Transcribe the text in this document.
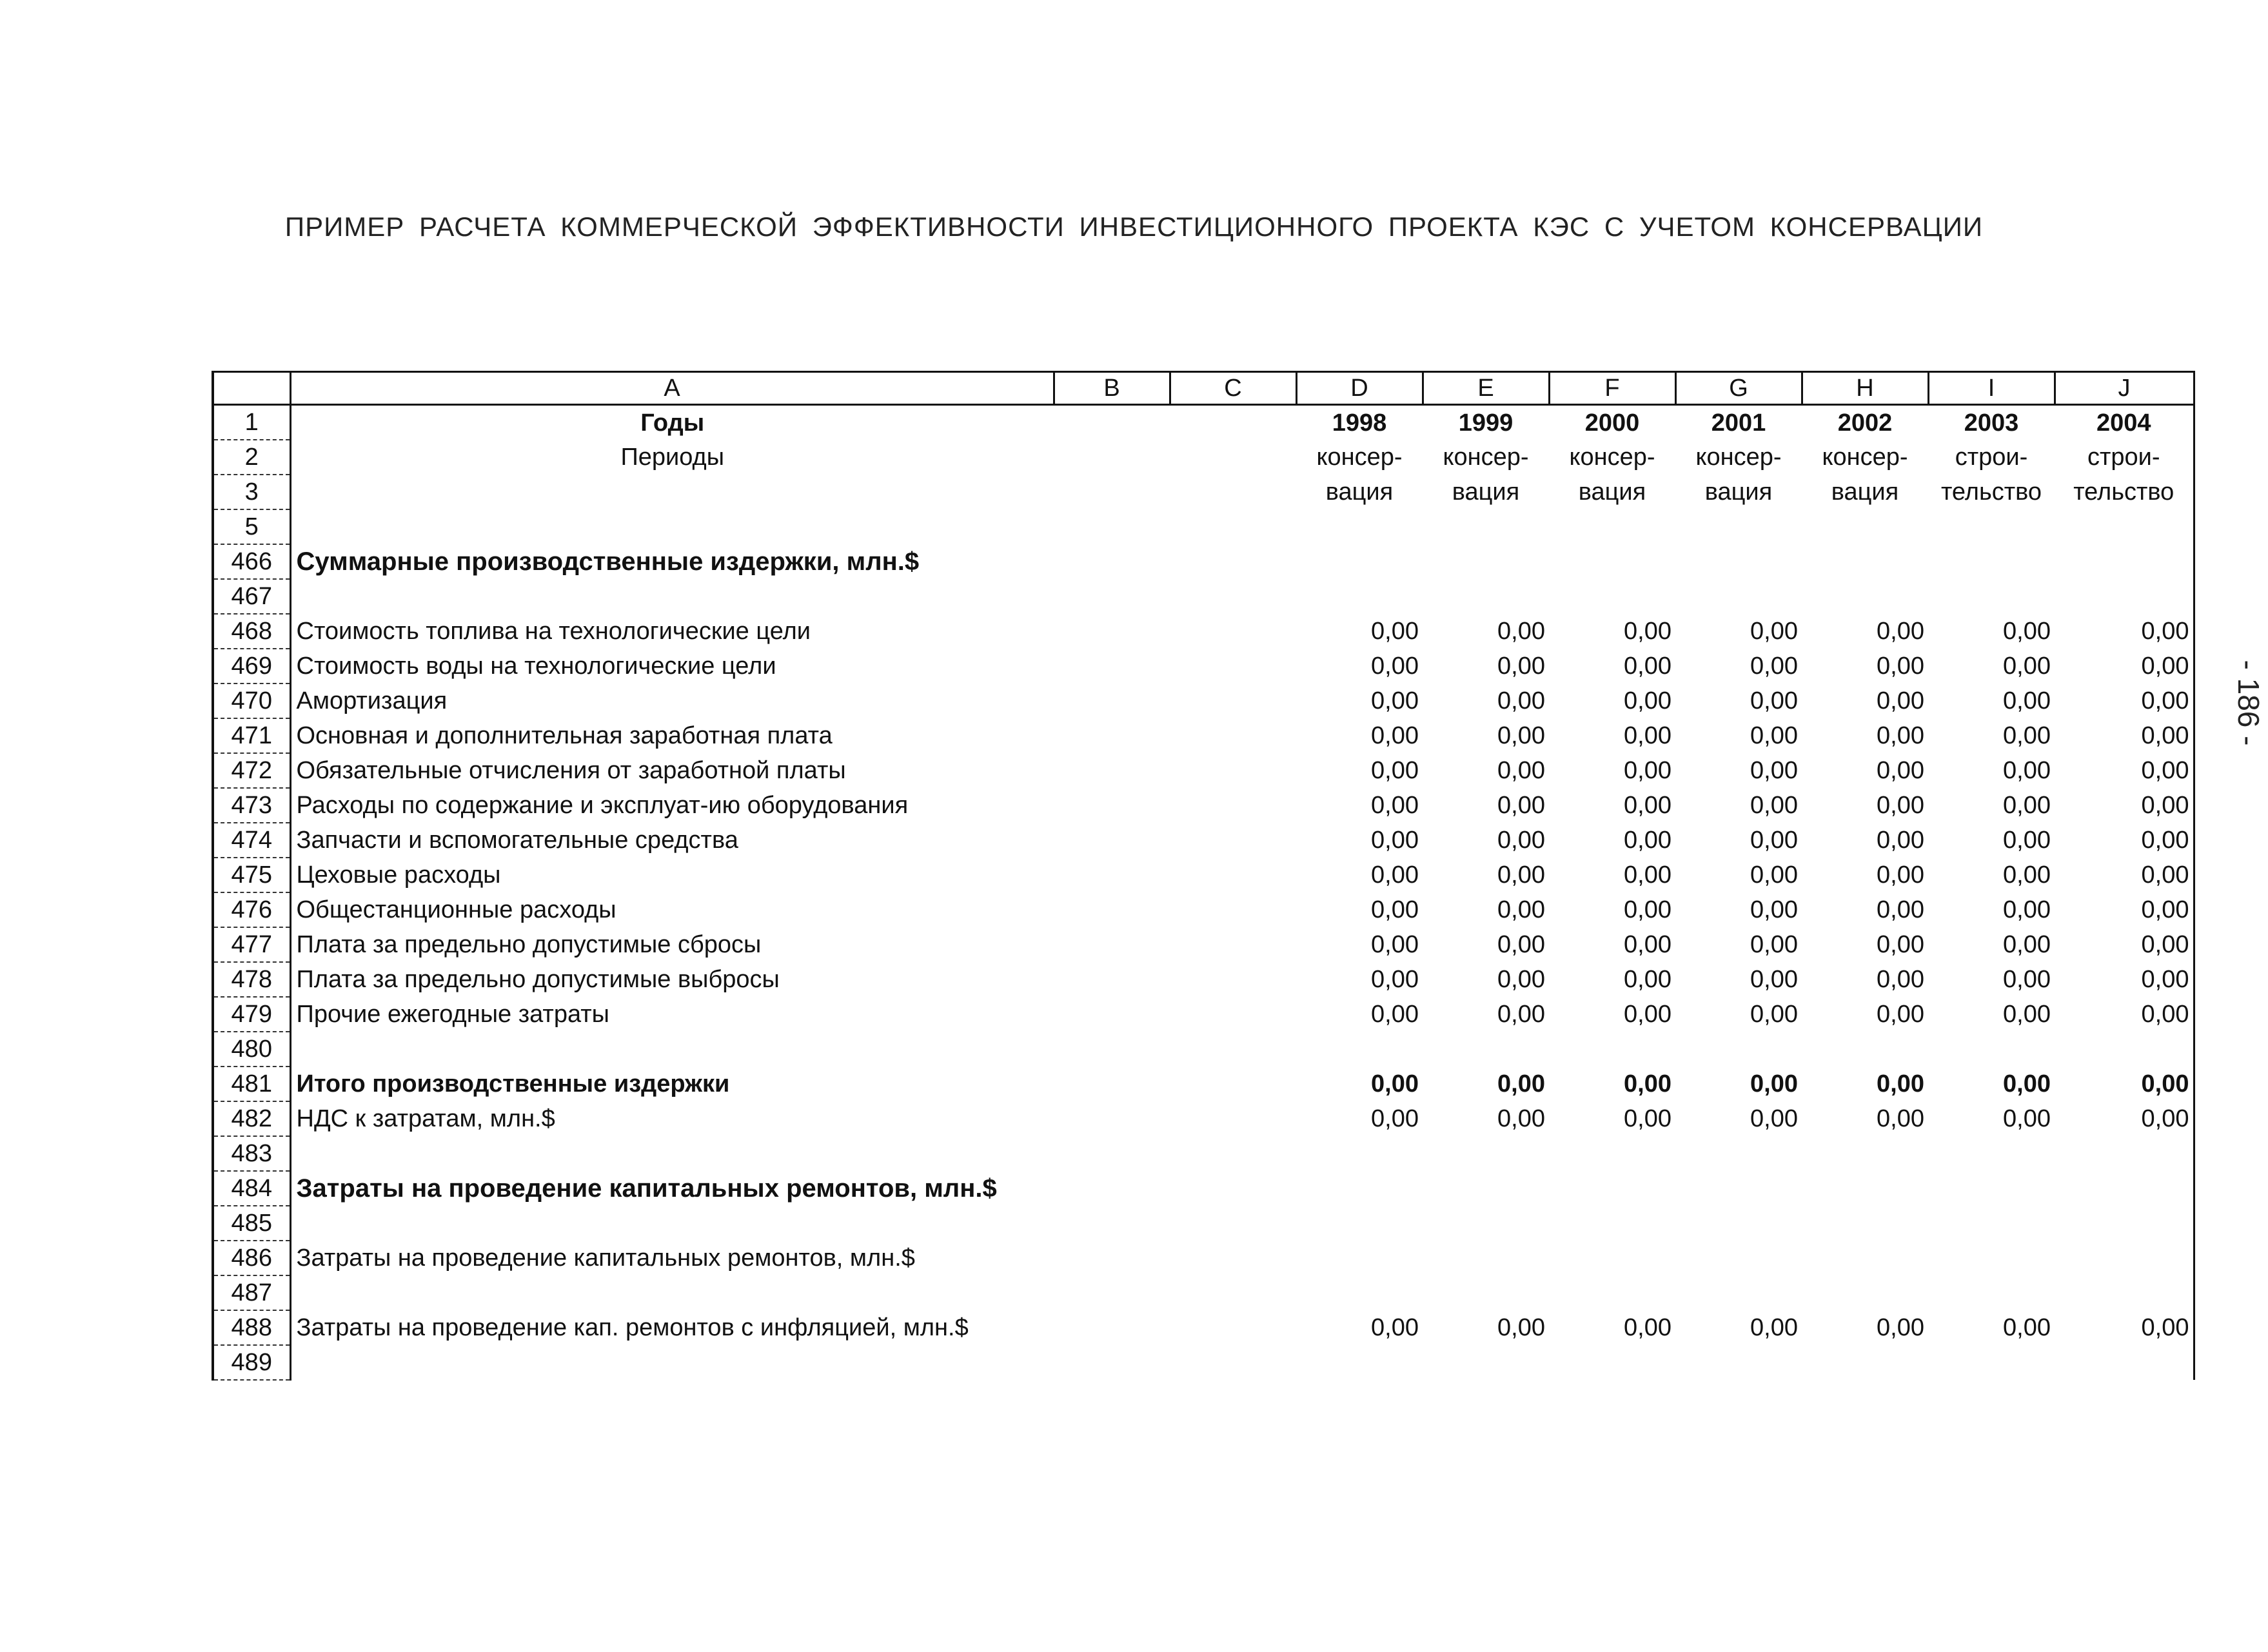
ПРИМЕР РАСЧЕТА КОММЕРЧЕСКОЙ ЭФФЕКТИВНОСТИ ИНВЕСТИЦИОННОГО ПРОЕКТА КЭС С УЧЕТОМ КОНСЕРВАЦИИ
- 186 -
	A	B	C	D	E	F	G	H	I	J
1	Годы			1998	1999	2000	2001	2002	2003	2004
2	Периоды			консер-	консер-	консер-	консер-	консер-	строи-	строи-
3				вация	вация	вация	вация	вация	тельство	тельство
5										
466	Суммарные производственные издержки, млн.$									
467										
468	Стоимость топлива на технологические цели			0,00	0,00	0,00	0,00	0,00	0,00	0,00
469	Стоимость воды на технологические цели			0,00	0,00	0,00	0,00	0,00	0,00	0,00
470	Амортизация			0,00	0,00	0,00	0,00	0,00	0,00	0,00
471	Основная и дополнительная заработная плата			0,00	0,00	0,00	0,00	0,00	0,00	0,00
472	Обязательные отчисления от заработной платы			0,00	0,00	0,00	0,00	0,00	0,00	0,00
473	Расходы по содержание и эксплуат-ию оборудования			0,00	0,00	0,00	0,00	0,00	0,00	0,00
474	Запчасти и вспомогательные средства			0,00	0,00	0,00	0,00	0,00	0,00	0,00
475	Цеховые расходы			0,00	0,00	0,00	0,00	0,00	0,00	0,00
476	Общестанционные расходы			0,00	0,00	0,00	0,00	0,00	0,00	0,00
477	Плата за предельно допустимые сбросы			0,00	0,00	0,00	0,00	0,00	0,00	0,00
478	Плата за предельно допустимые выбросы			0,00	0,00	0,00	0,00	0,00	0,00	0,00
479	Прочие ежегодные затраты			0,00	0,00	0,00	0,00	0,00	0,00	0,00
480										
481	Итого производственные издержки			0,00	0,00	0,00	0,00	0,00	0,00	0,00
482	НДС к затратам, млн.$			0,00	0,00	0,00	0,00	0,00	0,00	0,00
483										
484	Затраты на проведение капитальных ремонтов, млн.$									
485										
486	Затраты на проведение капитальных ремонтов, млн.$									
487										
488	Затраты на проведение кап. ремонтов с инфляцией, млн.$			0,00	0,00	0,00	0,00	0,00	0,00	0,00
489										
